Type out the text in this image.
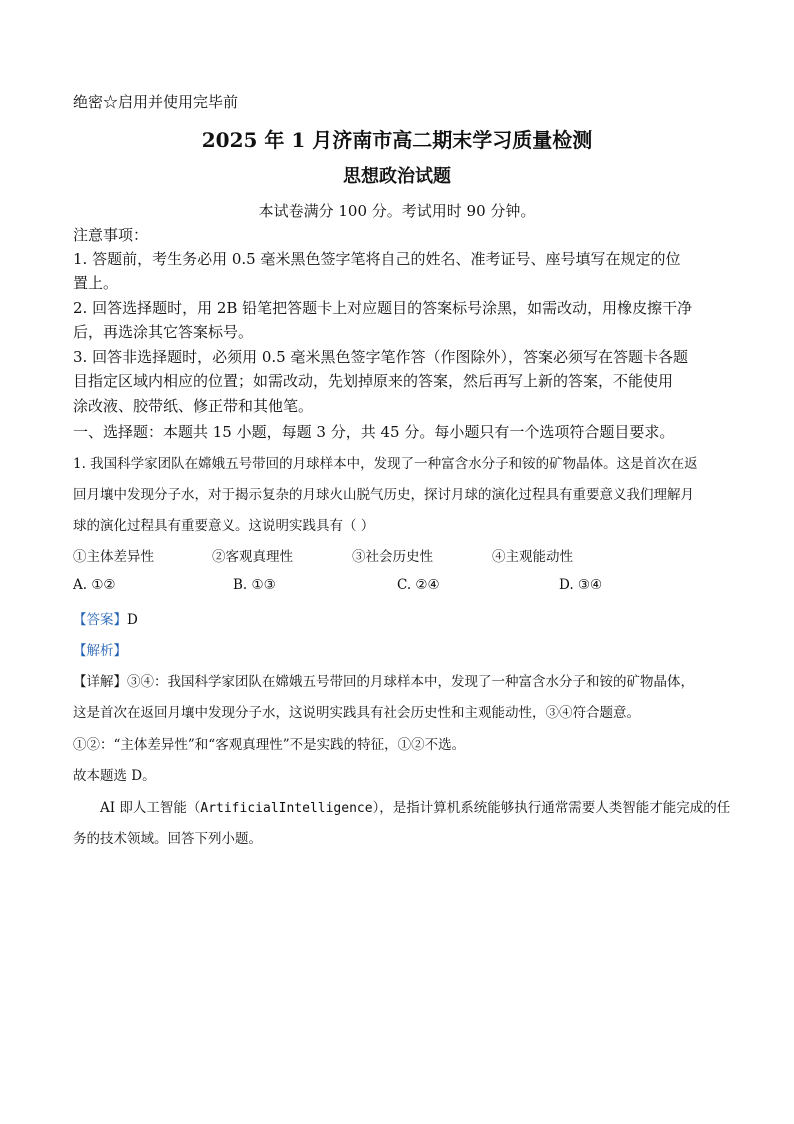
绝密☆启用并使用完毕前
2025 年 1 月济南市高二期末学习质量检测
思想政治试题
本试卷满分 100 分。考试用时 90 分钟。
注意事项：
1. 答题前，考生务必用 0.5 毫米黑色签字笔将自己的姓名、准考证号、座号填写在规定的位
置上。
2. 回答选择题时，用 2B 铅笔把答题卡上对应题目的答案标号涂黑，如需改动，用橡皮擦干净
后，再选涂其它答案标号。
3. 回答非选择题时，必须用 0.5 毫米黑色签字笔作答（作图除外），答案必须写在答题卡各题
目指定区域内相应的位置；如需改动，先划掉原来的答案，然后再写上新的答案，不能使用
涂改液、胶带纸、修正带和其他笔。
一、选择题：本题共 15 小题，每题 3 分，共 45 分。每小题只有一个选项符合题目要求。
1. 我国科学家团队在嫦娥五号带回的月球样本中，发现了一种富含水分子和铵的矿物晶体。这是首次在返
回月壤中发现分子水，对于揭示复杂的月球火山脱气历史，探讨月球的演化过程具有重要意义我们理解月
球的演化过程具有重要意义。这说明实践具有（ ）
①主体差异性	②客观真理性	③社会历史性	④主观能动性
A. ①②	B. ①③	C. ②④	D. ③④
【答案】D
【解析】
【详解】③④：我国科学家团队在嫦娥五号带回的月球样本中，发现了一种富含水分子和铵的矿物晶体，
这是首次在返回月壤中发现分子水，这说明实践具有社会历史性和主观能动性，③④符合题意。
①②：“主体差异性”和“客观真理性”不是实践的特征，①②不选。
故本题选 D。
AI 即人工智能（ArtificialIntelligence），是指计算机系统能够执行通常需要人类智能才能完成的任
务的技术领域。回答下列小题。
